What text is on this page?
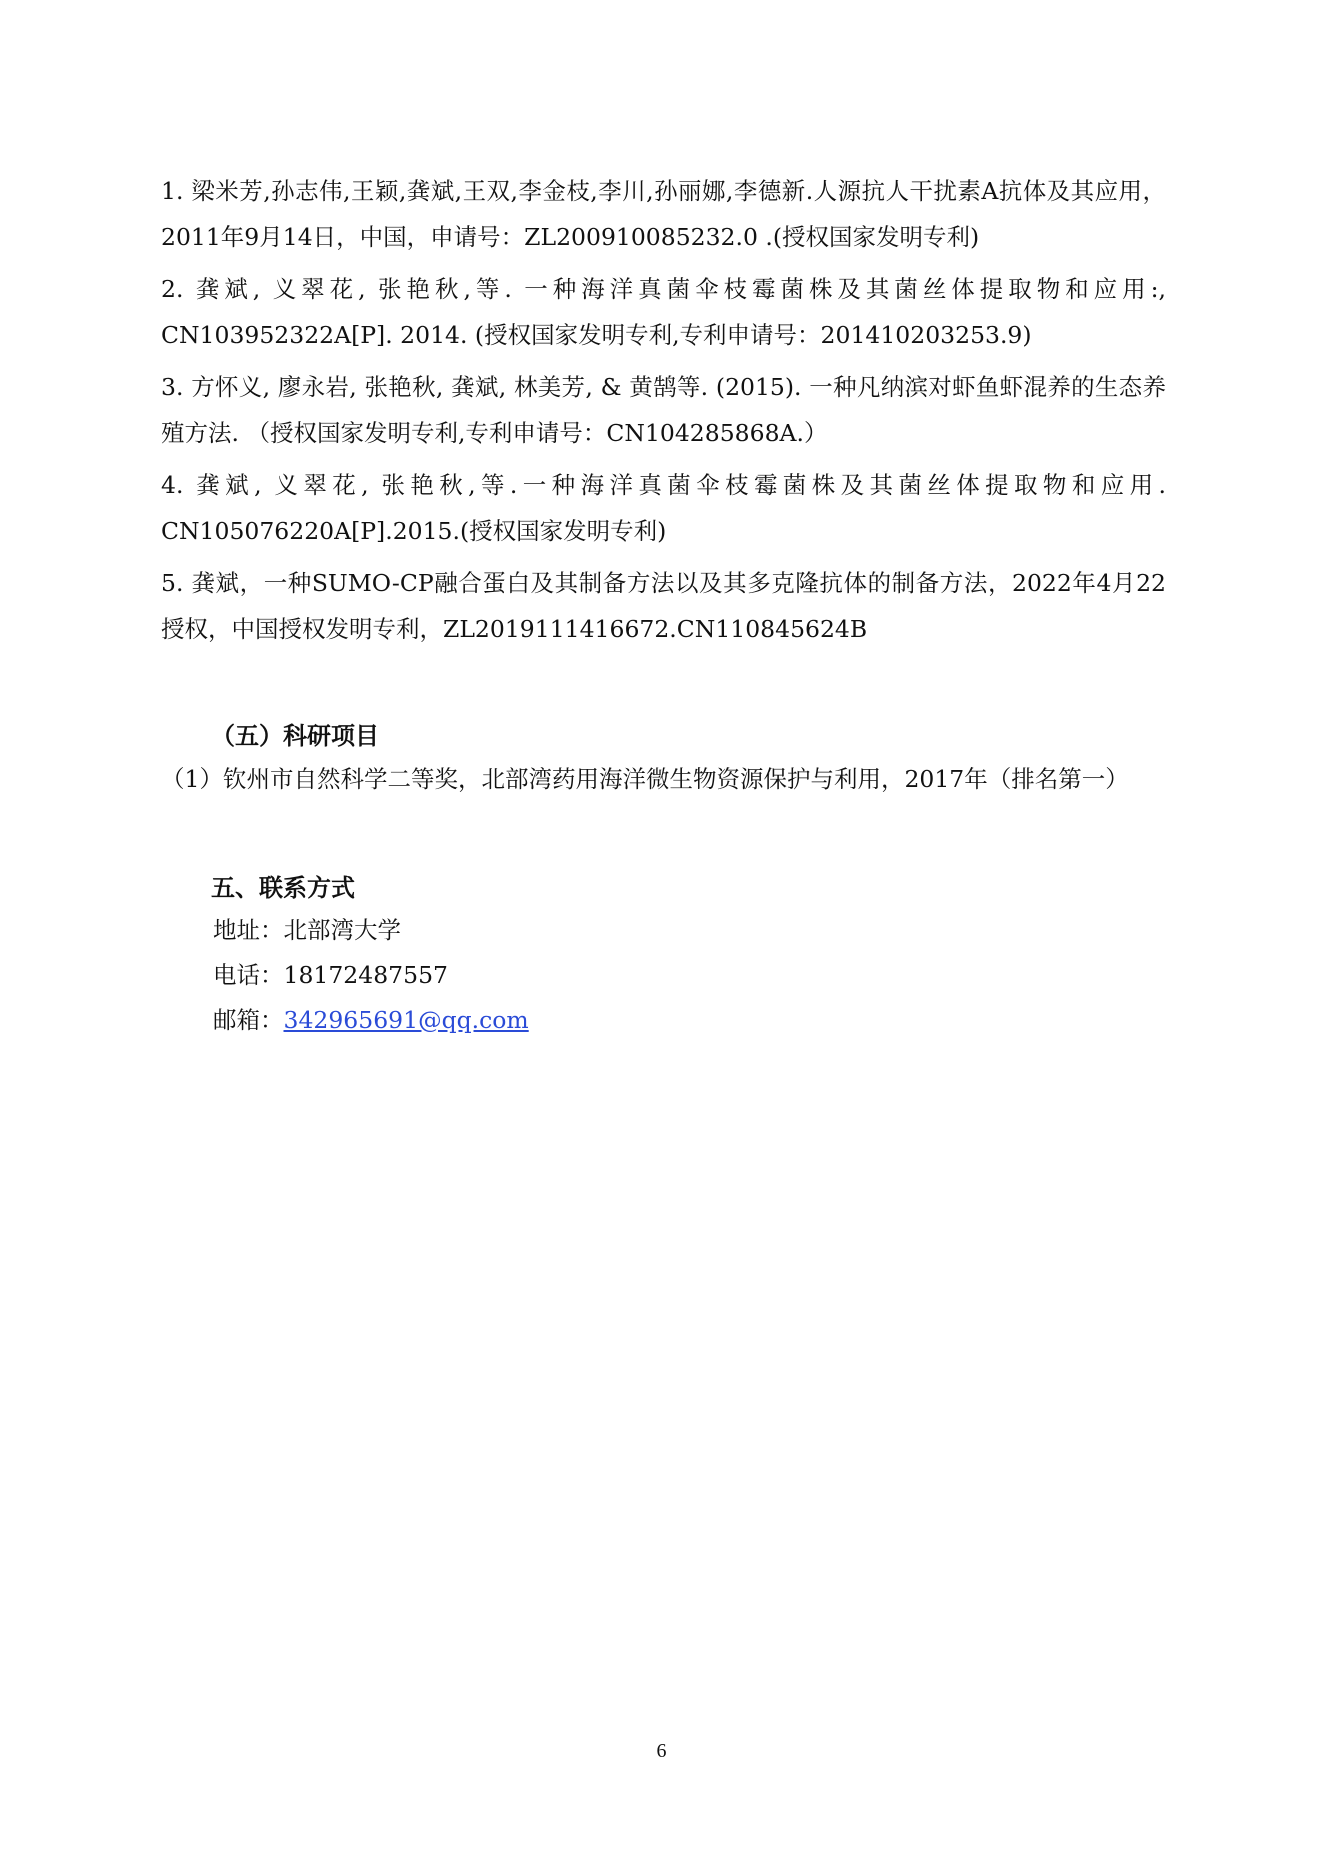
1. 梁米芳,孙志伟,王颖,龚斌,王双,李金枝,李川,孙丽娜,李德新.人源抗人干扰素A抗体及其应用，2011年9月14日，中国，申请号：ZL200910085232.0 .(授权国家发明专利)

2. 龚斌, 义翠花, 张艳秋,等. 一种海洋真菌伞枝霉菌株及其菌丝体提取物和应用:, CN103952322A[P]. 2014. (授权国家发明专利,专利申请号：201410203253.9)

3. 方怀义, 廖永岩, 张艳秋, 龚斌, 林美芳, & 黄鹄等. (2015). 一种凡纳滨对虾鱼虾混养的生态养殖方法. （授权国家发明专利,专利申请号：CN104285868A.）

4. 龚斌, 义翠花, 张艳秋,等.一种海洋真菌伞枝霉菌株及其菌丝体提取物和应用. CN105076220A[P].2015.(授权国家发明专利)

5. 龚斌，一种SUMO-CP融合蛋白及其制备方法以及其多克隆抗体的制备方法，2022年4月22授权，中国授权发明专利，ZL2019111416672.CN110845624B

（五）科研项目

（1）钦州市自然科学二等奖，北部湾药用海洋微生物资源保护与利用，2017年（排名第一）

五、联系方式

地址：北部湾大学

电话：18172487557

邮箱：342965691@qq.com

6
